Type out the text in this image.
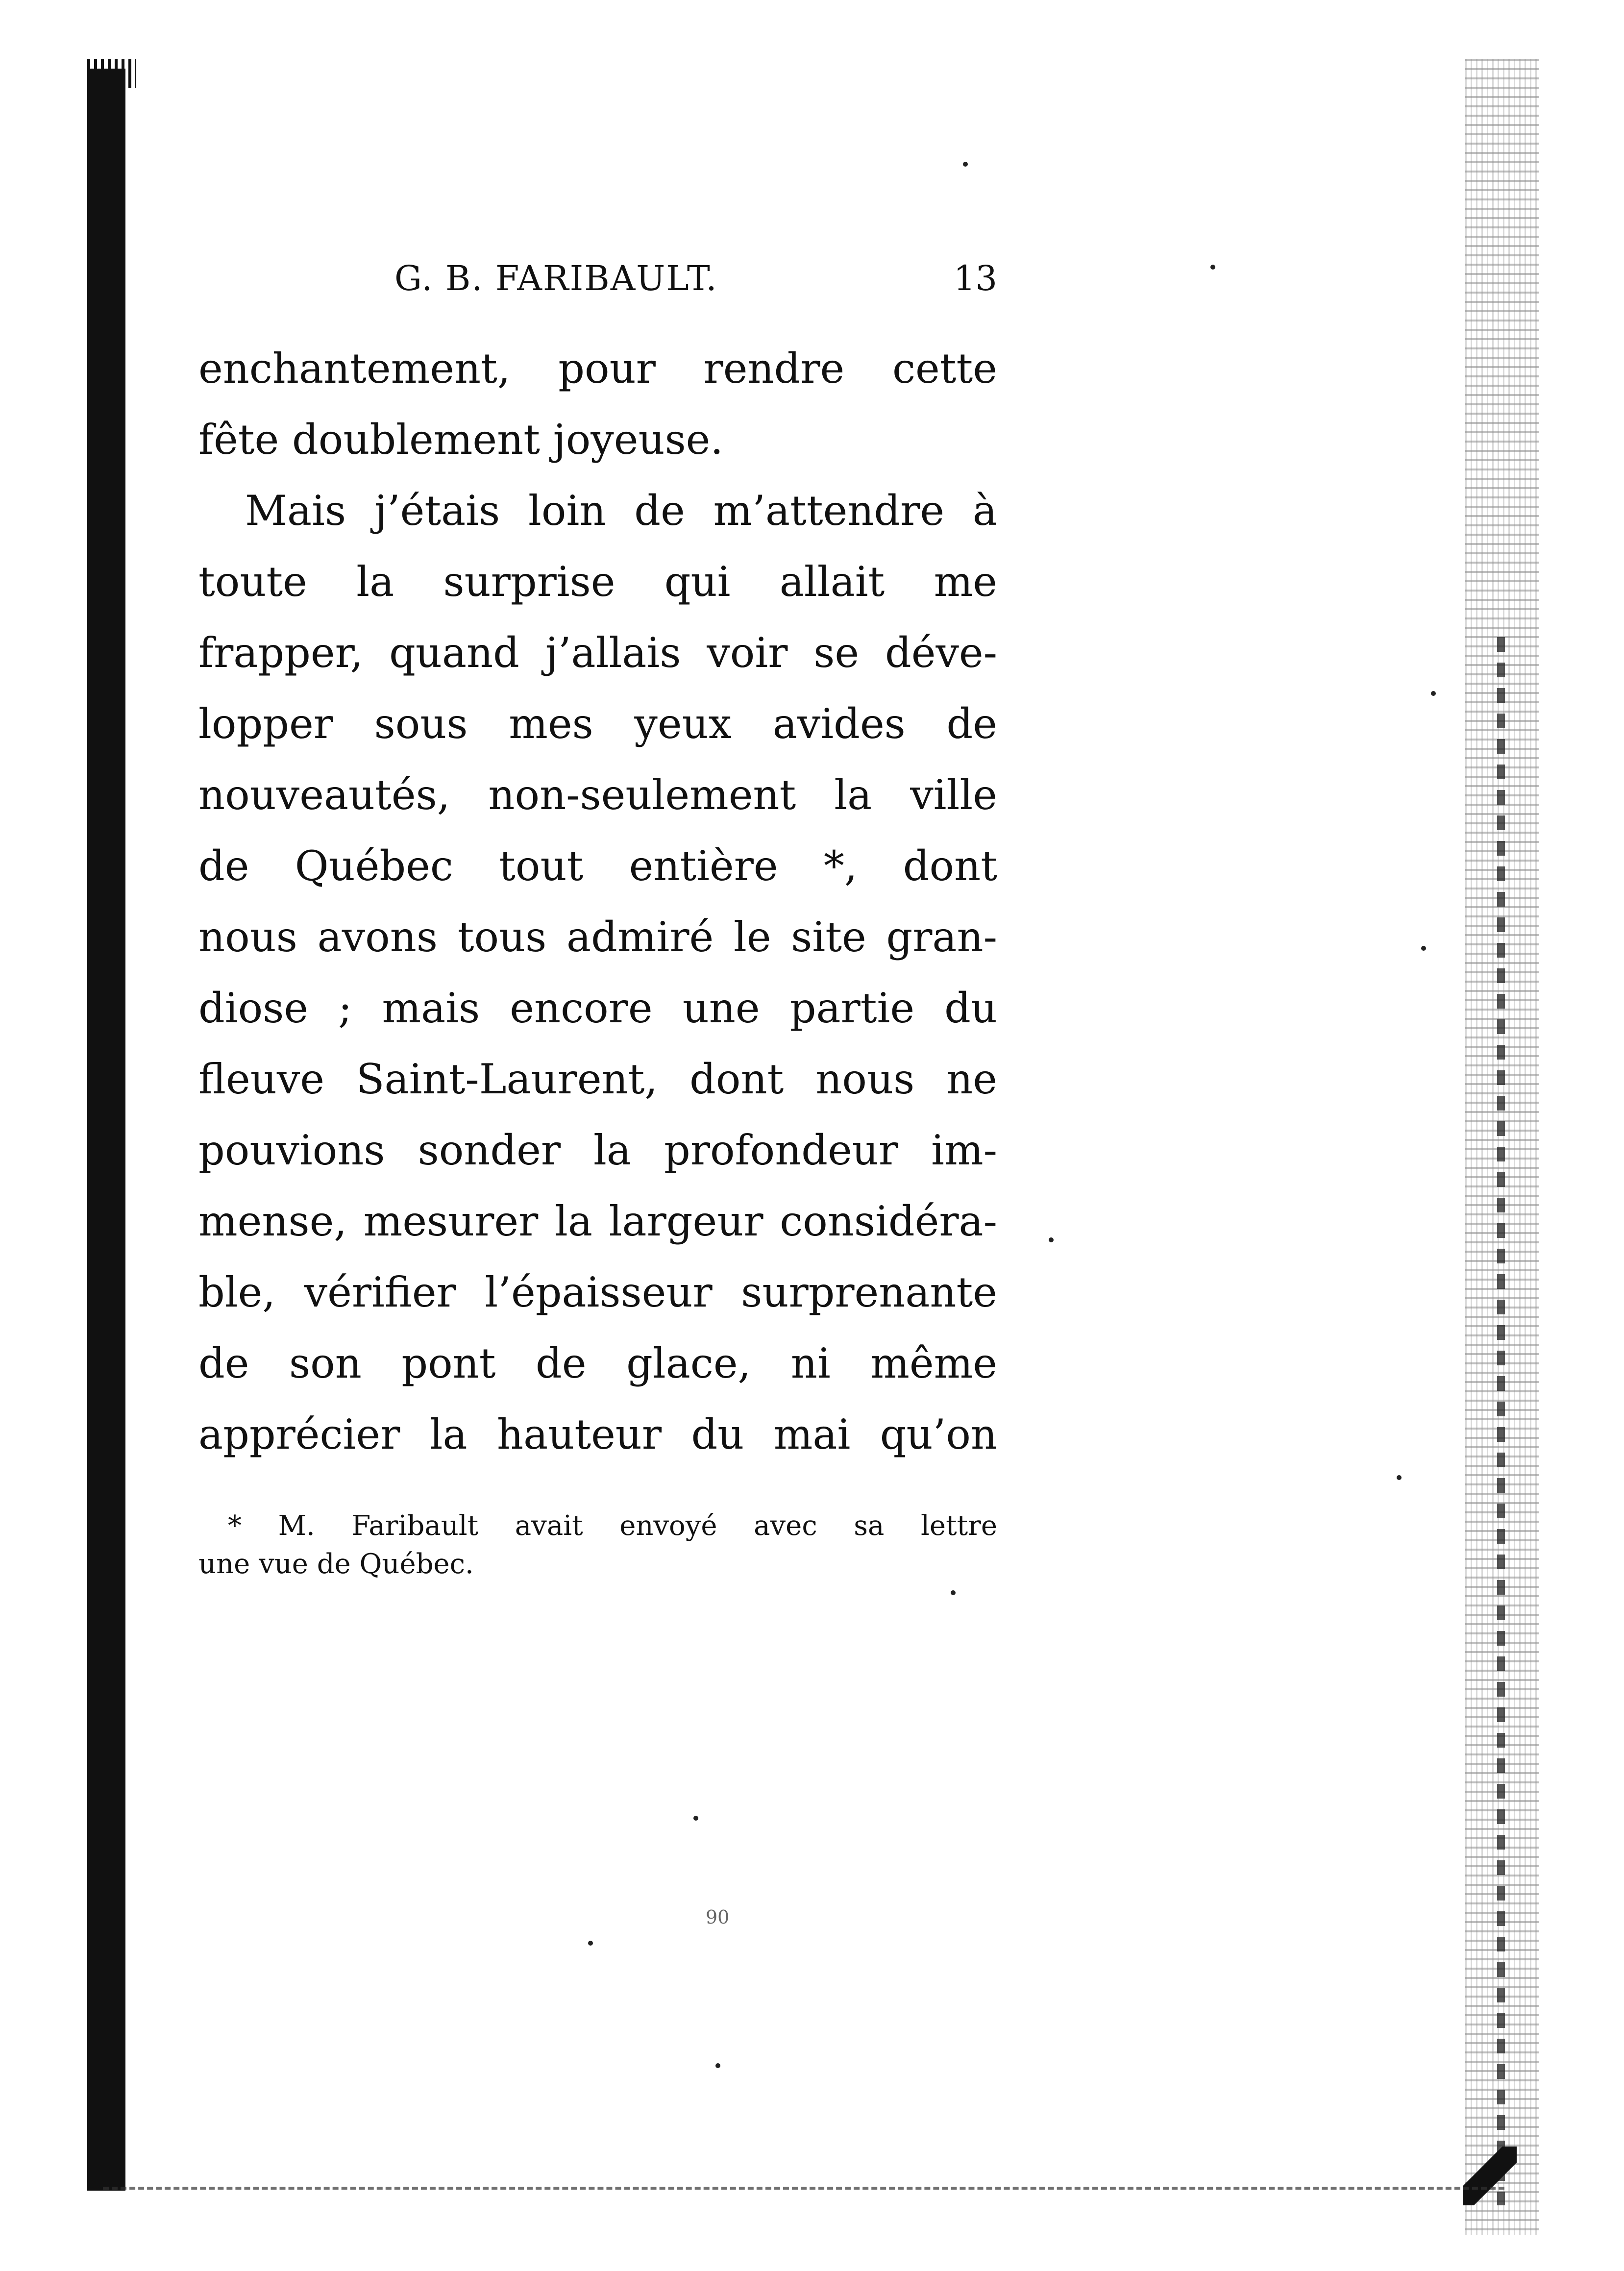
G. B. FARIBAULT.	13
enchantement, pour rendre cette
fête doublement joyeuse.
Mais j’étais loin de m’attendre à
toute la surprise qui allait me
frapper, quand j’allais voir se déve-
lopper sous mes yeux avides de
nouveautés, non-seulement la ville
de Québec tout entière *, dont
nous avons tous admiré le site gran-
diose ; mais encore une partie du
fleuve Saint-Laurent, dont nous ne
pouvions sonder la profondeur im-
mense, mesurer la largeur considéra-
ble, vérifier l’épaisseur surprenante
de son pont de glace, ni même
apprécier la hauteur du mai qu’on
* M. Faribault avait envoyé avec sa lettre
une vue de Québec.
90
